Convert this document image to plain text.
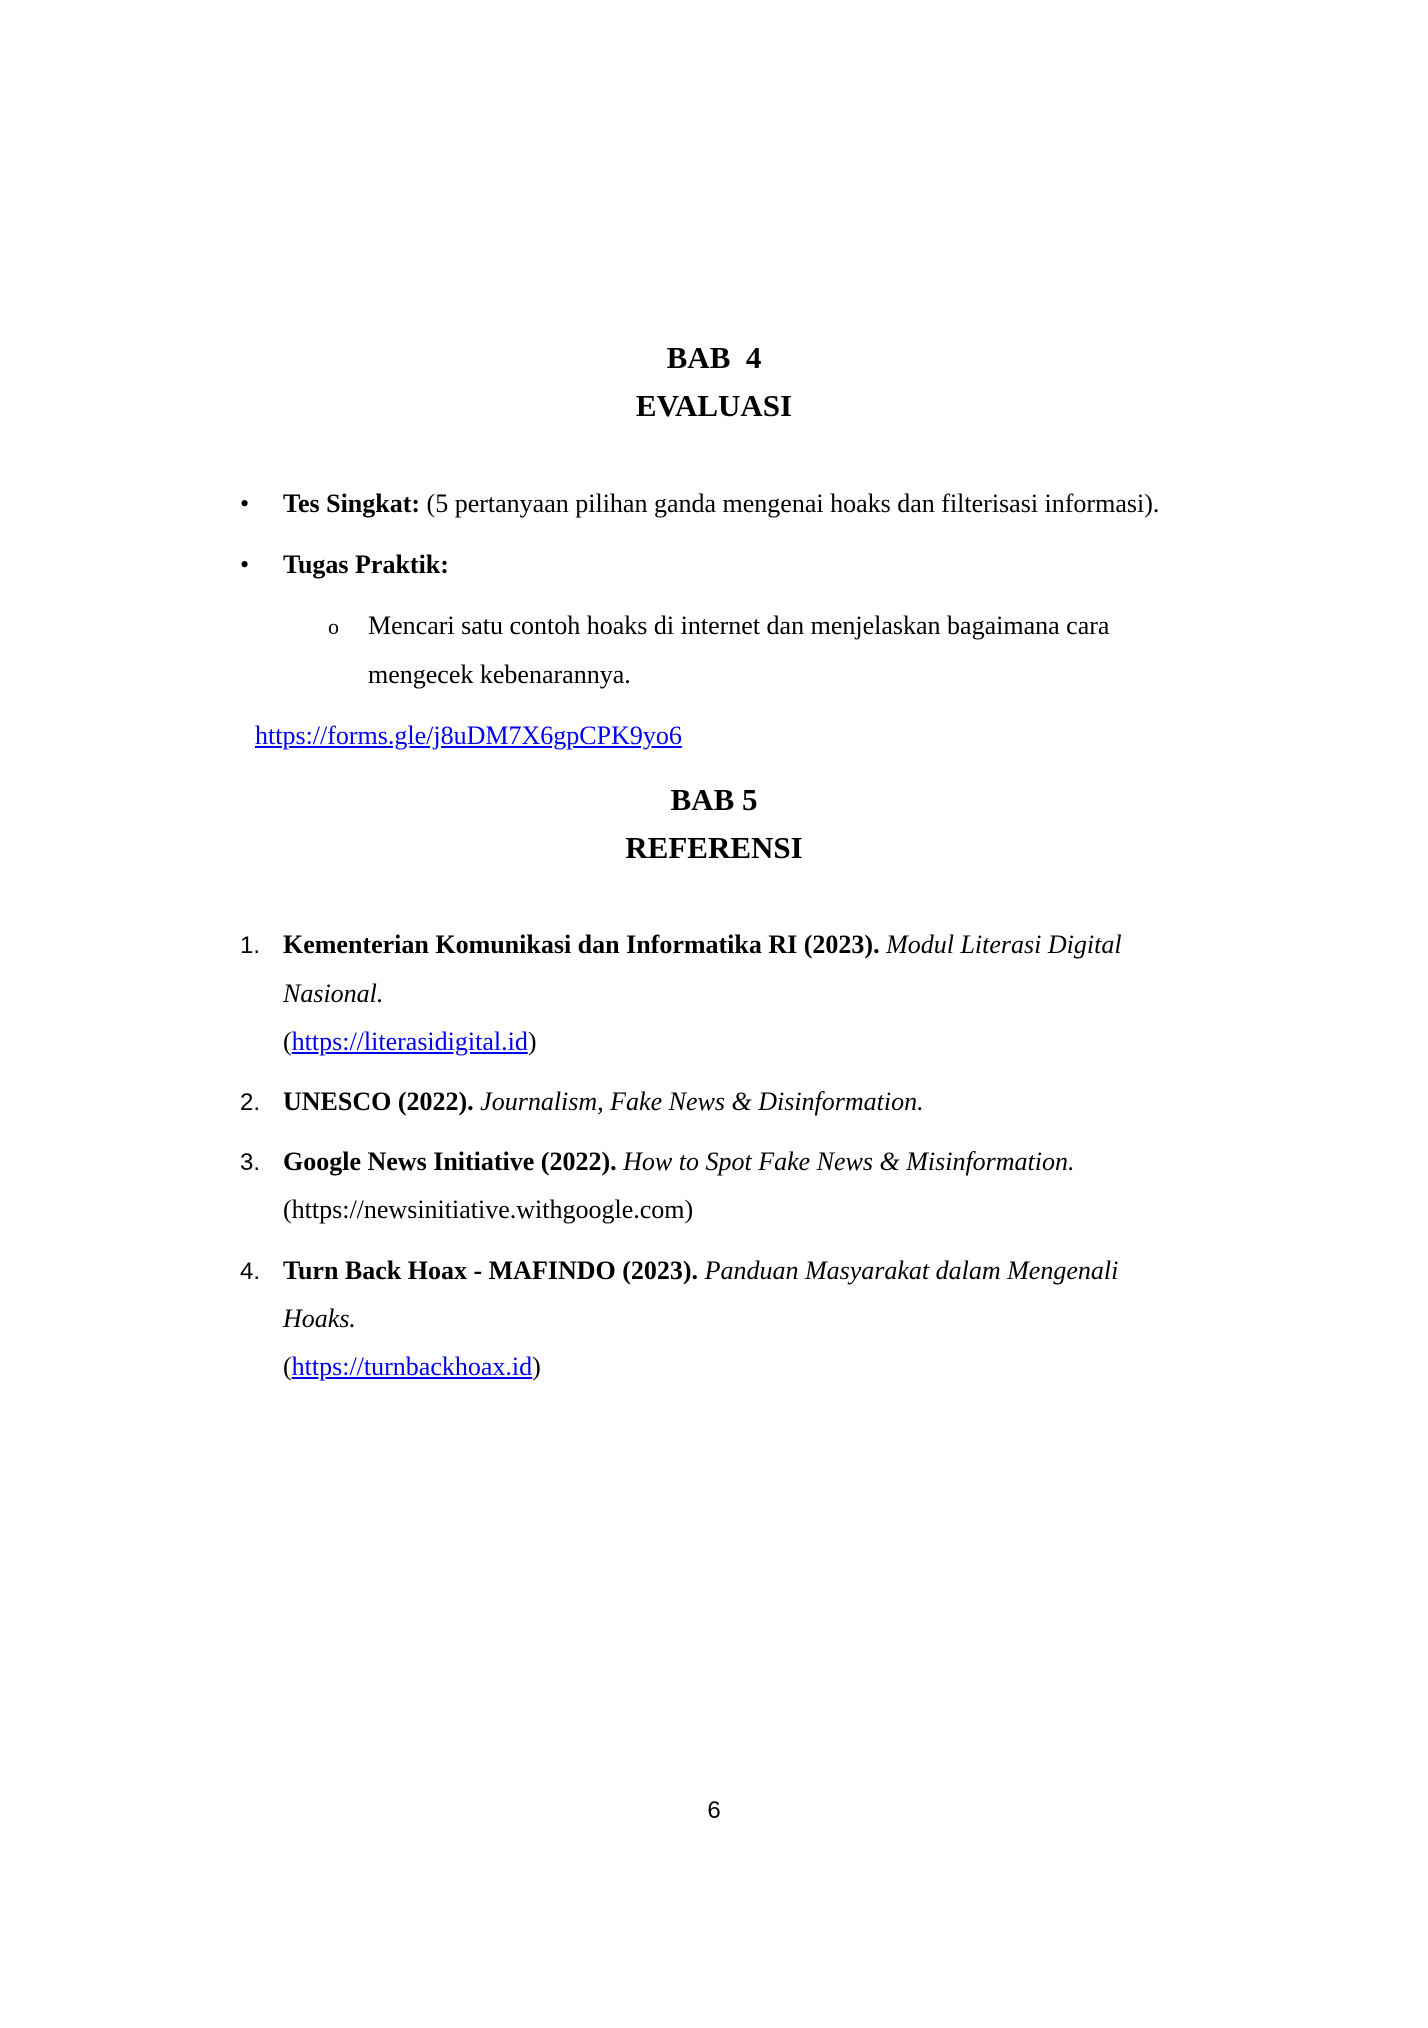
BAB  4
EVALUASI
• Tes Singkat: (5 pertanyaan pilihan ganda mengenai hoaks dan filterisasi informasi).
• Tugas Praktik:
o Mencari satu contoh hoaks di internet dan menjelaskan bagaimana cara
mengecek kebenarannya.
https://forms.gle/j8uDM7X6gpCPK9yo6
BAB 5
REFERENSI
1. Kementerian Komunikasi dan Informatika RI (2023). Modul Literasi Digital
Nasional.
(https://literasidigital.id)
2. UNESCO (2022). Journalism, Fake News & Disinformation.
3. Google News Initiative (2022). How to Spot Fake News & Misinformation.
(https://newsinitiative.withgoogle.com)
4. Turn Back Hoax - MAFINDO (2023). Panduan Masyarakat dalam Mengenali
Hoaks.
(https://turnbackhoax.id)
6
